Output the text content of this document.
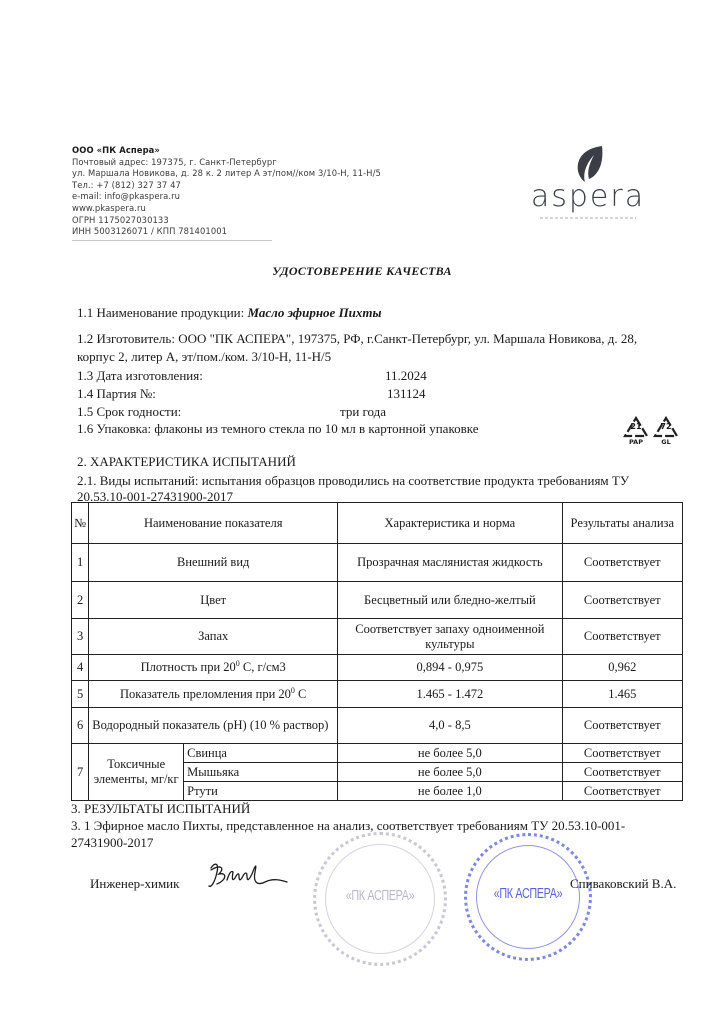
ООО «ПК Аспера»
Почтовый адрес: 197375, г. Санкт-Петербург
ул. Маршала Новикова, д. 28 к. 2 литер А эт/пом//ком 3/10-Н, 11-Н/5
Тел.: +7 (812) 327 37 47
e-mail: info@pkaspera.ru
www.pkaspera.ru
ОГРН 1175027030133
ИНН 5003126071 / КПП 781401001
aspera
УДОСТОВЕРЕНИЕ КАЧЕСТВА
1.1 Наименование продукции: Масло эфирное Пихты
1.2 Изготовитель: ООО "ПК АСПЕРА", 197375, РФ, г.Санкт-Петербург, ул. Маршала Новикова, д. 28,
корпус 2, литер А, эт/пом./ком. 3/10-Н, 11-Н/5
1.3 Дата изготовления:	11.2024
1.4 Партия №:	131124
1.5 Срок годности:	три года
1.6 Упаковка: флаконы из темного стекла по 10 мл в картонной упаковке	21
PAP
72
GL
2. ХАРАКТЕРИСТИКА ИСПЫТАНИЙ
2.1. Виды испытаний: испытания образцов проводились на соответствие продукта требованиям ТУ
20.53.10-001-27431900-2017
№	Наименование показателя		Характеристика и норма	Результаты анализа
1	Внешний вид		Прозрачная маслянистая жидкость	Соответствует
2	Цвет		Бесцветный или бледно-желтый	Соответствует
3	Запах		Соответствует запаху одноименной культуры	Соответствует
4	Плотность при $20^0$ С, г/см3		0,894 - 0,975	0,962
5	Показатель преломления при $20^0$ С		1.465 - 1.472	1.465
6	Водородный показатель (рН) (10 % раствор)		4,0 - 8,5	Соответствует
7	Токсичные элементы, мг/кг	Свинца	не более 5,0	Соответствует
		Мышьяка	не более 5,0	Соответствует
		Ртути	не более 1,0	Соответствует
3. РЕЗУЛЬТАТЫ ИСПЫТАНИЙ
3. 1 Эфирное масло Пихты, представленное на анализ, соответствует требованиям ТУ 20.53.10-001-
27431900-2017
«ПК АСПЕРА»	«ПК АСПЕРА»
Инженер-химик	Спиваковский В.А.
